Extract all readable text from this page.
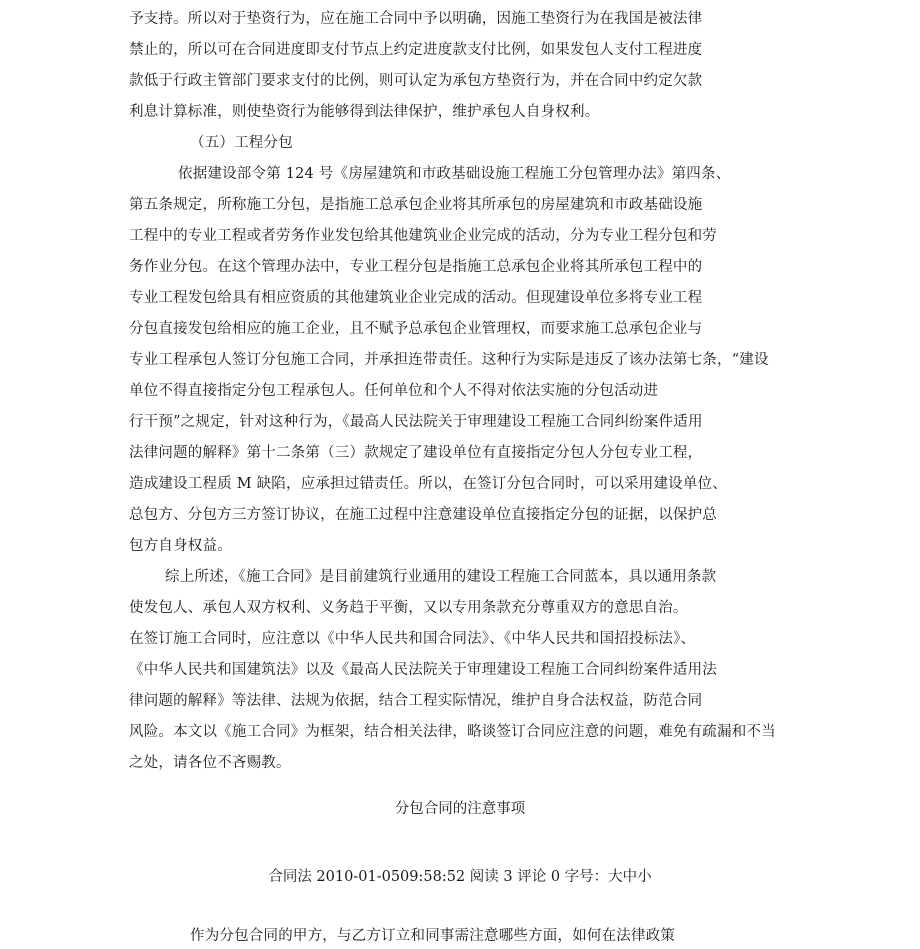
予支持。所以对于垫资行为，应在施工合同中予以明确，因施工垫资行为在我国是被法律
禁止的，所以可在合同进度即支付节点上约定进度款支付比例，如果发包人支付工程进度
款低于行政主管部门要求支付的比例，则可认定为承包方垫资行为，并在合同中约定欠款
利息计算标准，则使垫资行为能够得到法律保护，维护承包人自身权利。
（五）工程分包
依据建设部令第 124 号《房屋建筑和市政基础设施工程施工分包管理办法》第四条、
第五条规定，所称施工分包，是指施工总承包企业将其所承包的房屋建筑和市政基础设施
工程中的专业工程或者劳务作业发包给其他建筑业企业完成的活动，分为专业工程分包和劳
务作业分包。在这个管理办法中，专业工程分包是指施工总承包企业将其所承包工程中的
专业工程发包给具有相应资质的其他建筑业企业完成的活动。但现建设单位多将专业工程
分包直接发包给相应的施工企业，且不赋予总承包企业管理权，而要求施工总承包企业与
专业工程承包人签订分包施工合同，并承担连带责任。这种行为实际是违反了该办法第七条，“建设
单位不得直接指定分包工程承包人。任何单位和个人不得对依法实施的分包活动进
行干预”之规定，针对这种行为，《最高人民法院关于审理建设工程施工合同纠纷案件适用
法律问题的解释》第十二条第（三）款规定了建设单位有直接指定分包人分包专业工程，
造成建设工程质 M 缺陷，应承担过错责任。所以，在签订分包合同时，可以采用建设单位、
总包方、分包方三方签订协议，在施工过程中注意建设单位直接指定分包的证据，以保护总
包方自身权益。
综上所述，《施工合同》是目前建筑行业通用的建设工程施工合同蓝本，具以通用条款
使发包人、承包人双方权利、义务趋于平衡，又以专用条款充分尊重双方的意思自治。
在签订施工合同时，应注意以《中华人民共和国合同法》、《中华人民共和国招投标法》、
《中华人民共和国建筑法》以及《最高人民法院关于审理建设工程施工合同纠纷案件适用法
律问题的解释》等法律、法规为依据，结合工程实际情况，维护自身合法权益，防范合同
风险。本文以《施工合同》为框架，结合相关法律，略谈签订合同应注意的问题，难免有疏漏和不当
之处，请各位不吝赐教。
分包合同的注意事项
合同法 2010-01-0509:58:52 阅读 3 评论 0 字号：大中小
作为分包合同的甲方，与乙方订立和同事需注意哪些方面，如何在法律政策
